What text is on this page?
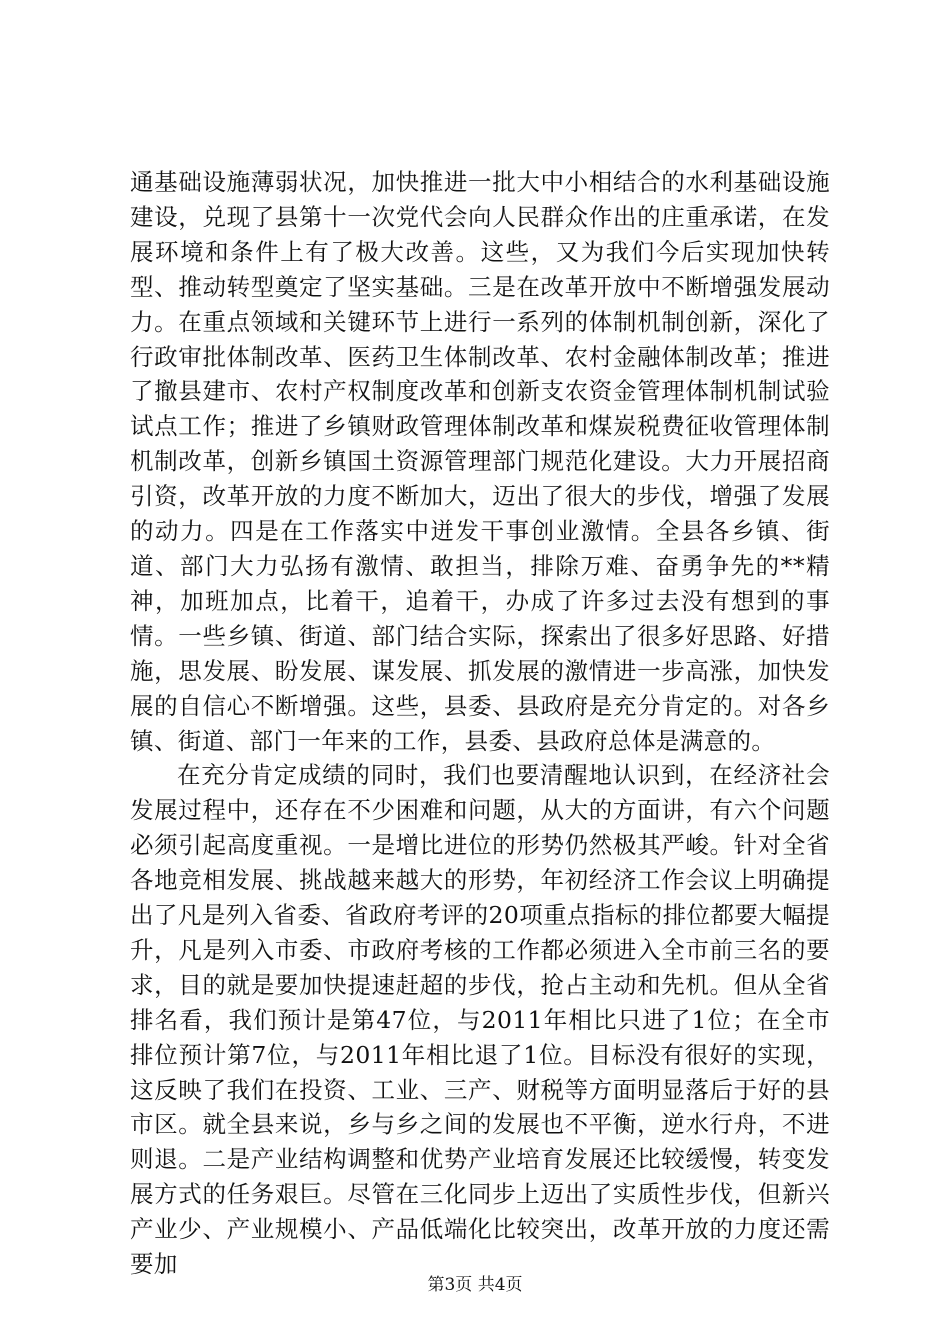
通基础设施薄弱状况，加快推进一批大中小相结合的水利基础设施建设，兑现了县第十一次党代会向人民群众作出的庄重承诺，在发展环境和条件上有了极大改善。这些，又为我们今后实现加快转型、推动转型奠定了坚实基础。三是在改革开放中不断增强发展动力。在重点领域和关键环节上进行一系列的体制机制创新，深化了行政审批体制改革、医药卫生体制改革、农村金融体制改革；推进了撤县建市、农村产权制度改革和创新支农资金管理体制机制试验试点工作；推进了乡镇财政管理体制改革和煤炭税费征收管理体制机制改革，创新乡镇国土资源管理部门规范化建设。大力开展招商引资，改革开放的力度不断加大，迈出了很大的步伐，增强了发展的动力。四是在工作落实中迸发干事创业激情。全县各乡镇、街道、部门大力弘扬有激情、敢担当，排除万难、奋勇争先的**精神，加班加点，比着干，追着干，办成了许多过去没有想到的事情。一些乡镇、街道、部门结合实际，探索出了很多好思路、好措施，思发展、盼发展、谋发展、抓发展的激情进一步高涨，加快发展的自信心不断增强。这些，县委、县政府是充分肯定的。对各乡镇、街道、部门一年来的工作，县委、县政府总体是满意的。

在充分肯定成绩的同时，我们也要清醒地认识到，在经济社会发展过程中，还存在不少困难和问题，从大的方面讲，有六个问题必须引起高度重视。一是增比进位的形势仍然极其严峻。针对全省各地竞相发展、挑战越来越大的形势，年初经济工作会议上明确提出了凡是列入省委、省政府考评的20项重点指标的排位都要大幅提升，凡是列入市委、市政府考核的工作都必须进入全市前三名的要求，目的就是要加快提速赶超的步伐，抢占主动和先机。但从全省排名看，我们预计是第47位，与2011年相比只进了1位；在全市排位预计第7位，与2011年相比退了1位。目标没有很好的实现，这反映了我们在投资、工业、三产、财税等方面明显落后于好的县市区。就全县来说，乡与乡之间的发展也不平衡，逆水行舟，不进则退。二是产业结构调整和优势产业培育发展还比较缓慢，转变发展方式的任务艰巨。尽管在三化同步上迈出了实质性步伐，但新兴产业少、产业规模小、产品低端化比较突出，改革开放的力度还需要加

第3页 共4页
